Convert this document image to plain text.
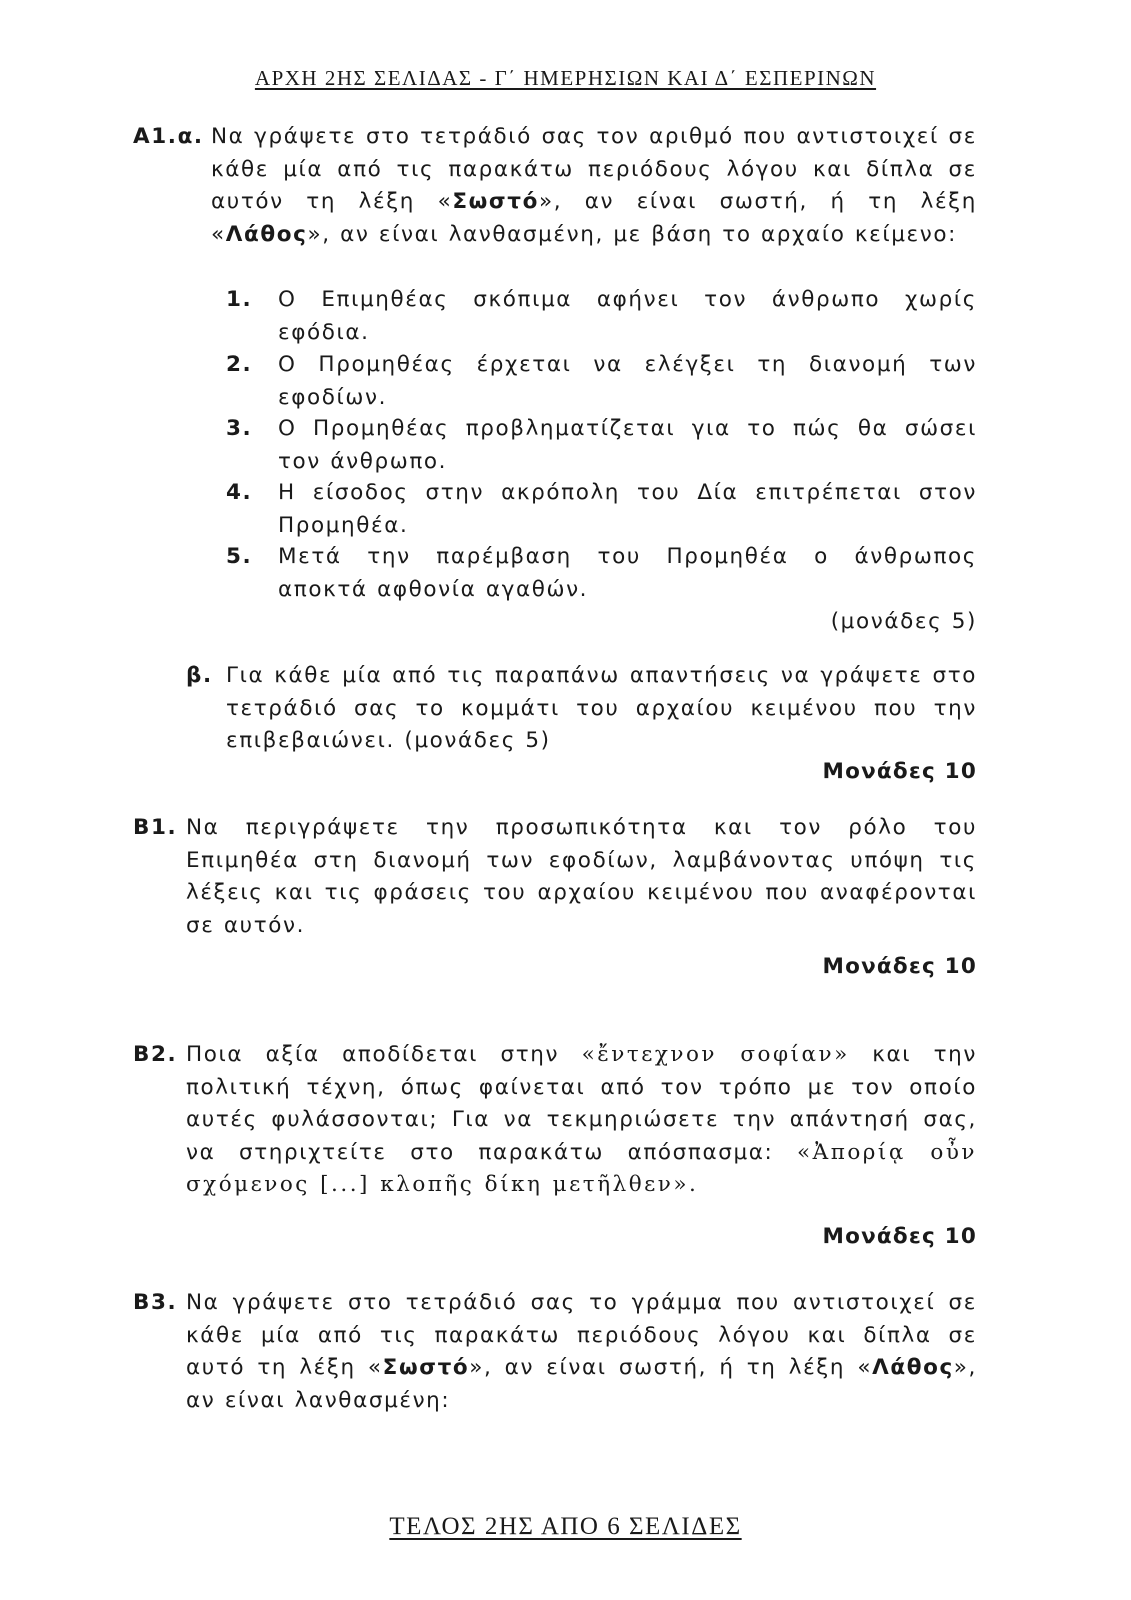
ΑΡΧΗ 2ΗΣ ΣΕΛΙΔΑΣ - Γ΄ ΗΜΕΡΗΣΙΩΝ ΚΑΙ Δ΄ ΕΣΠΕΡΙΝΩΝ
Α1.α. Να γράψετε στο τετράδιό σας τον αριθμό που αντιστοιχεί σε κάθε μία από τις παρακάτω περιόδους λόγου και δίπλα σε αυτόν τη λέξη «Σωστό», αν είναι σωστή, ή τη λέξη «Λάθος», αν είναι λανθασμένη, με βάση το αρχαίο κείμενο:
1. Ο Επιμηθέας σκόπιμα αφήνει τον άνθρωπο χωρίς εφόδια.
2. Ο Προμηθέας έρχεται να ελέγξει τη διανομή των εφοδίων.
3. Ο Προμηθέας προβληματίζεται για το πώς θα σώσει τον άνθρωπο.
4. Η είσοδος στην ακρόπολη του Δία επιτρέπεται στον Προμηθέα.
5. Μετά την παρέμβαση του Προμηθέα ο άνθρωπος αποκτά αφθονία αγαθών.
(μονάδες 5)
β. Για κάθε μία από τις παραπάνω απαντήσεις να γράψετε στο τετράδιό σας το κομμάτι του αρχαίου κειμένου που την επιβεβαιώνει. (μονάδες 5)
Μονάδες 10
Β1. Να περιγράψετε την προσωπικότητα και τον ρόλο του Επιμηθέα στη διανομή των εφοδίων, λαμβάνοντας υπόψη τις λέξεις και τις φράσεις του αρχαίου κειμένου που αναφέρονται σε αυτόν.
Μονάδες 10
Β2. Ποια αξία αποδίδεται στην «ἔντεχνον σοφίαν» και την πολιτική τέχνη, όπως φαίνεται από τον τρόπο με τον οποίο αυτές φυλάσσονται; Για να τεκμηριώσετε την απάντησή σας, να στηριχτείτε στο παρακάτω απόσπασμα: «Ἀπορίᾳ οὖν σχόμενος [...] κλοπῆς δίκη μετῆλθεν».
Μονάδες 10
Β3. Να γράψετε στο τετράδιό σας το γράμμα που αντιστοιχεί σε κάθε μία από τις παρακάτω περιόδους λόγου και δίπλα σε αυτό τη λέξη «Σωστό», αν είναι σωστή, ή τη λέξη «Λάθος», αν είναι λανθασμένη:
ΤΕΛΟΣ 2ΗΣ ΑΠΟ 6 ΣΕΛΙΔΕΣ
